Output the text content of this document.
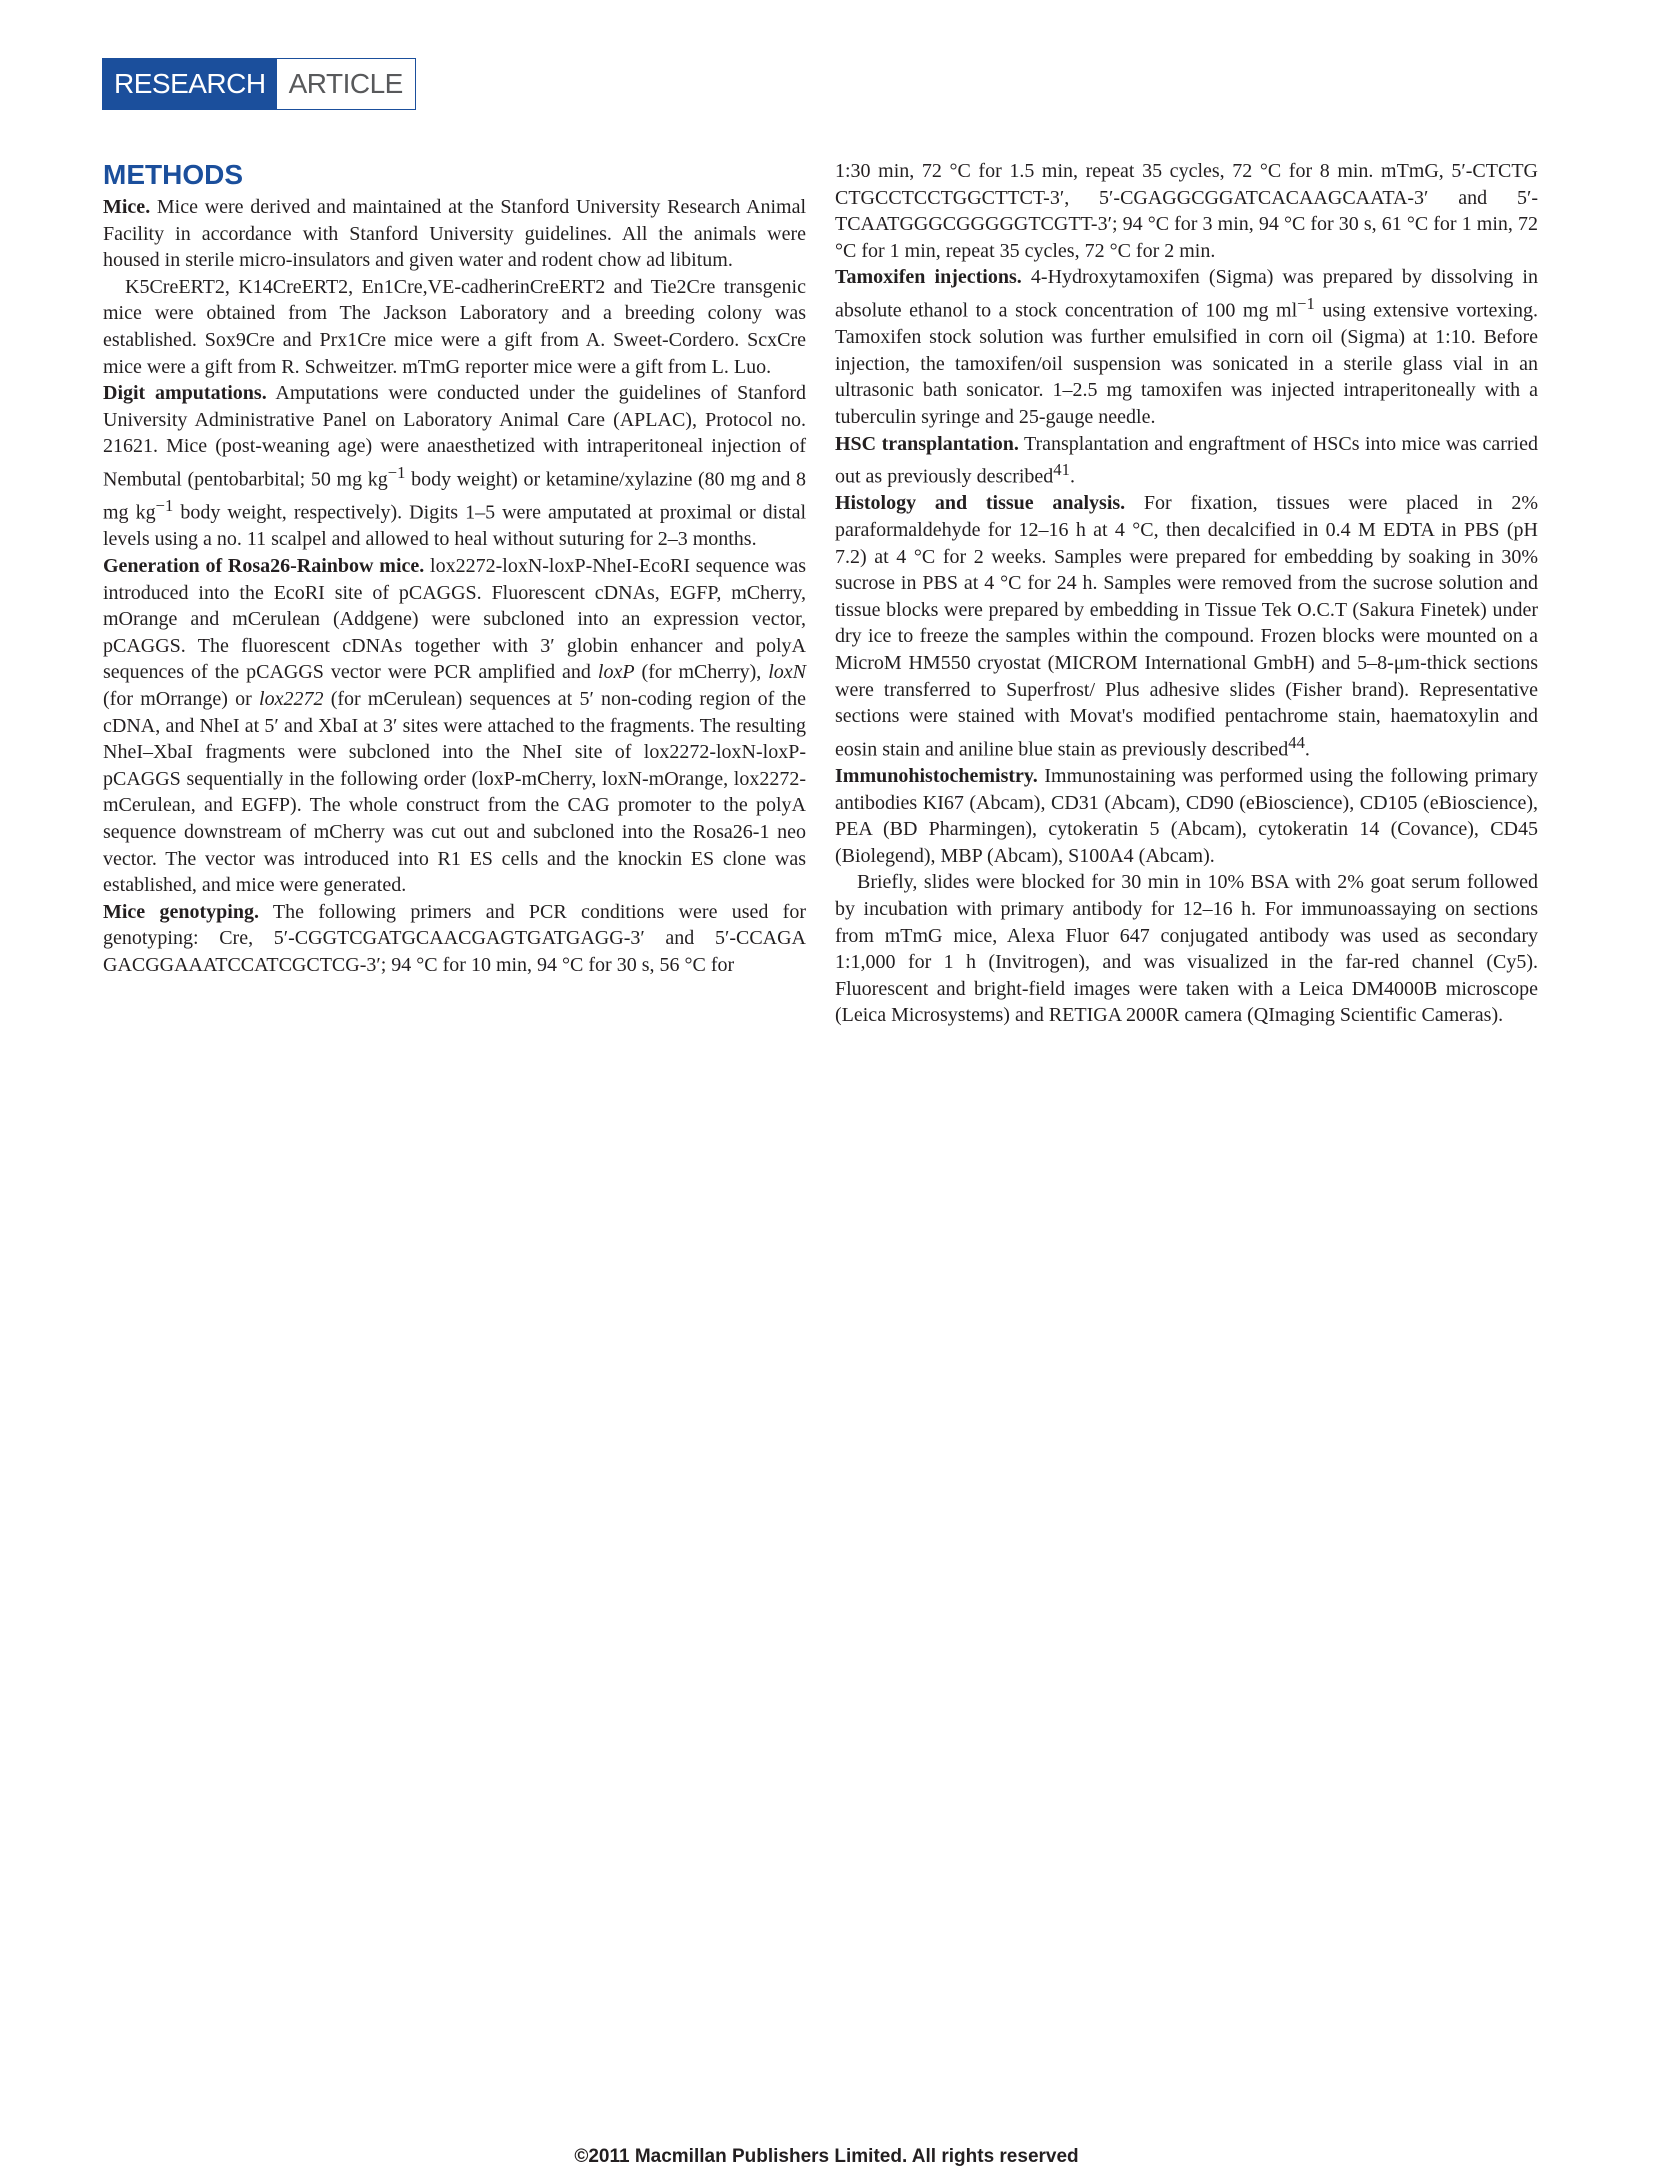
RESEARCH ARTICLE
METHODS

Mice. Mice were derived and maintained at the Stanford University Research Animal Facility in accordance with Stanford University guidelines. All the animals were housed in sterile micro-insulators and given water and rodent chow ad libitum.

K5CreERT2, K14CreERT2, En1Cre,VE-cadherinCreERT2 and Tie2Cre transgenic mice were obtained from The Jackson Laboratory and a breeding colony was established. Sox9Cre and Prx1Cre mice were a gift from A. Sweet-Cordero. ScxCre mice were a gift from R. Schweitzer. mTmG reporter mice were a gift from L. Luo.

Digit amputations. Amputations were conducted under the guidelines of Stanford University Administrative Panel on Laboratory Animal Care (APLAC), Protocol no. 21621. Mice (post-weaning age) were anaesthetized with intraperitoneal injection of Nembutal (pentobarbital; 50 mg $kg^{-1}$ body weight) or ketamine/xylazine (80 mg and 8 mg $kg^{-1}$ body weight, respectively). Digits 1–5 were amputated at proximal or distal levels using a no. 11 scalpel and allowed to heal without suturing for 2–3 months.

Generation of Rosa26-Rainbow mice. lox2272-loxN-loxP-NheI-EcoRI sequence was introduced into the EcoRI site of pCAGGS. Fluorescent cDNAs, EGFP, mCherry, mOrange and mCerulean (Addgene) were subcloned into an expression vector, pCAGGS. The fluorescent cDNAs together with 3′ globin enhancer and polyA sequences of the pCAGGS vector were PCR amplified and loxP (for mCherry), loxN (for mOrrange) or lox2272 (for mCerulean) sequences at 5′ non-coding region of the cDNA, and NheI at 5′ and XbaI at 3′ sites were attached to the fragments. The resulting NheI–XbaI fragments were subcloned into the NheI site of lox2272-loxN-loxP-pCAGGS sequentially in the following order (loxP-mCherry, loxN-mOrange, lox2272-mCerulean, and EGFP). The whole construct from the CAG promoter to the polyA sequence downstream of mCherry was cut out and subcloned into the Rosa26-1 neo vector. The vector was introduced into R1 ES cells and the knockin ES clone was established, and mice were generated.

Mice genotyping. The following primers and PCR conditions were used for genotyping: Cre, 5′-CGGTCGATGCAACGAGTGATGAGG-3′ and 5′-CCAGA GACGGAAATCCATCGCTCG-3′; 94 °C for 10 min, 94 °C for 30 s, 56 °C for

1:30 min, 72 °C for 1.5 min, repeat 35 cycles, 72 °C for 8 min. mTmG, 5′-CTCTG CTGCCTCCTGGCTTCT-3′, 5′-CGAGGCGGATCACAAGCAATA-3′ and 5′-TCAATGGGCGGGGGTCGTT-3′; 94 °C for 3 min, 94 °C for 30 s, 61 °C for 1 min, 72 °C for 1 min, repeat 35 cycles, 72 °C for 2 min.

Tamoxifen injections. 4-Hydroxytamoxifen (Sigma) was prepared by dissolving in absolute ethanol to a stock concentration of 100 mg $ml^{-1}$ using extensive vortexing. Tamoxifen stock solution was further emulsified in corn oil (Sigma) at 1:10. Before injection, the tamoxifen/oil suspension was sonicated in a sterile glass vial in an ultrasonic bath sonicator. 1–2.5 mg tamoxifen was injected intraperitoneally with a tuberculin syringe and 25-gauge needle.

HSC transplantation. Transplantation and engraftment of HSCs into mice was carried out as previously described$^{41}$.

Histology and tissue analysis. For fixation, tissues were placed in 2% paraformaldehyde for 12–16 h at 4 °C, then decalcified in 0.4 M EDTA in PBS (pH 7.2) at 4 °C for 2 weeks. Samples were prepared for embedding by soaking in 30% sucrose in PBS at 4 °C for 24 h. Samples were removed from the sucrose solution and tissue blocks were prepared by embedding in Tissue Tek O.C.T (Sakura Finetek) under dry ice to freeze the samples within the compound. Frozen blocks were mounted on a MicroM HM550 cryostat (MICROM International GmbH) and 5–8-μm-thick sections were transferred to Superfrost/ Plus adhesive slides (Fisher brand). Representative sections were stained with Movat's modified pentachrome stain, haematoxylin and eosin stain and aniline blue stain as previously described$^{44}$.

Immunohistochemistry. Immunostaining was performed using the following primary antibodies KI67 (Abcam), CD31 (Abcam), CD90 (eBioscience), CD105 (eBioscience), PEA (BD Pharmingen), cytokeratin 5 (Abcam), cytokeratin 14 (Covance), CD45 (Biolegend), MBP (Abcam), S100A4 (Abcam).

Briefly, slides were blocked for 30 min in 10% BSA with 2% goat serum followed by incubation with primary antibody for 12–16 h. For immunoassaying on sections from mTmG mice, Alexa Fluor 647 conjugated antibody was used as secondary 1:1,000 for 1 h (Invitrogen), and was visualized in the far-red channel (Cy5). Fluorescent and bright-field images were taken with a Leica DM4000B microscope (Leica Microsystems) and RETIGA 2000R camera (QImaging Scientific Cameras).

©2011 Macmillan Publishers Limited. All rights reserved
